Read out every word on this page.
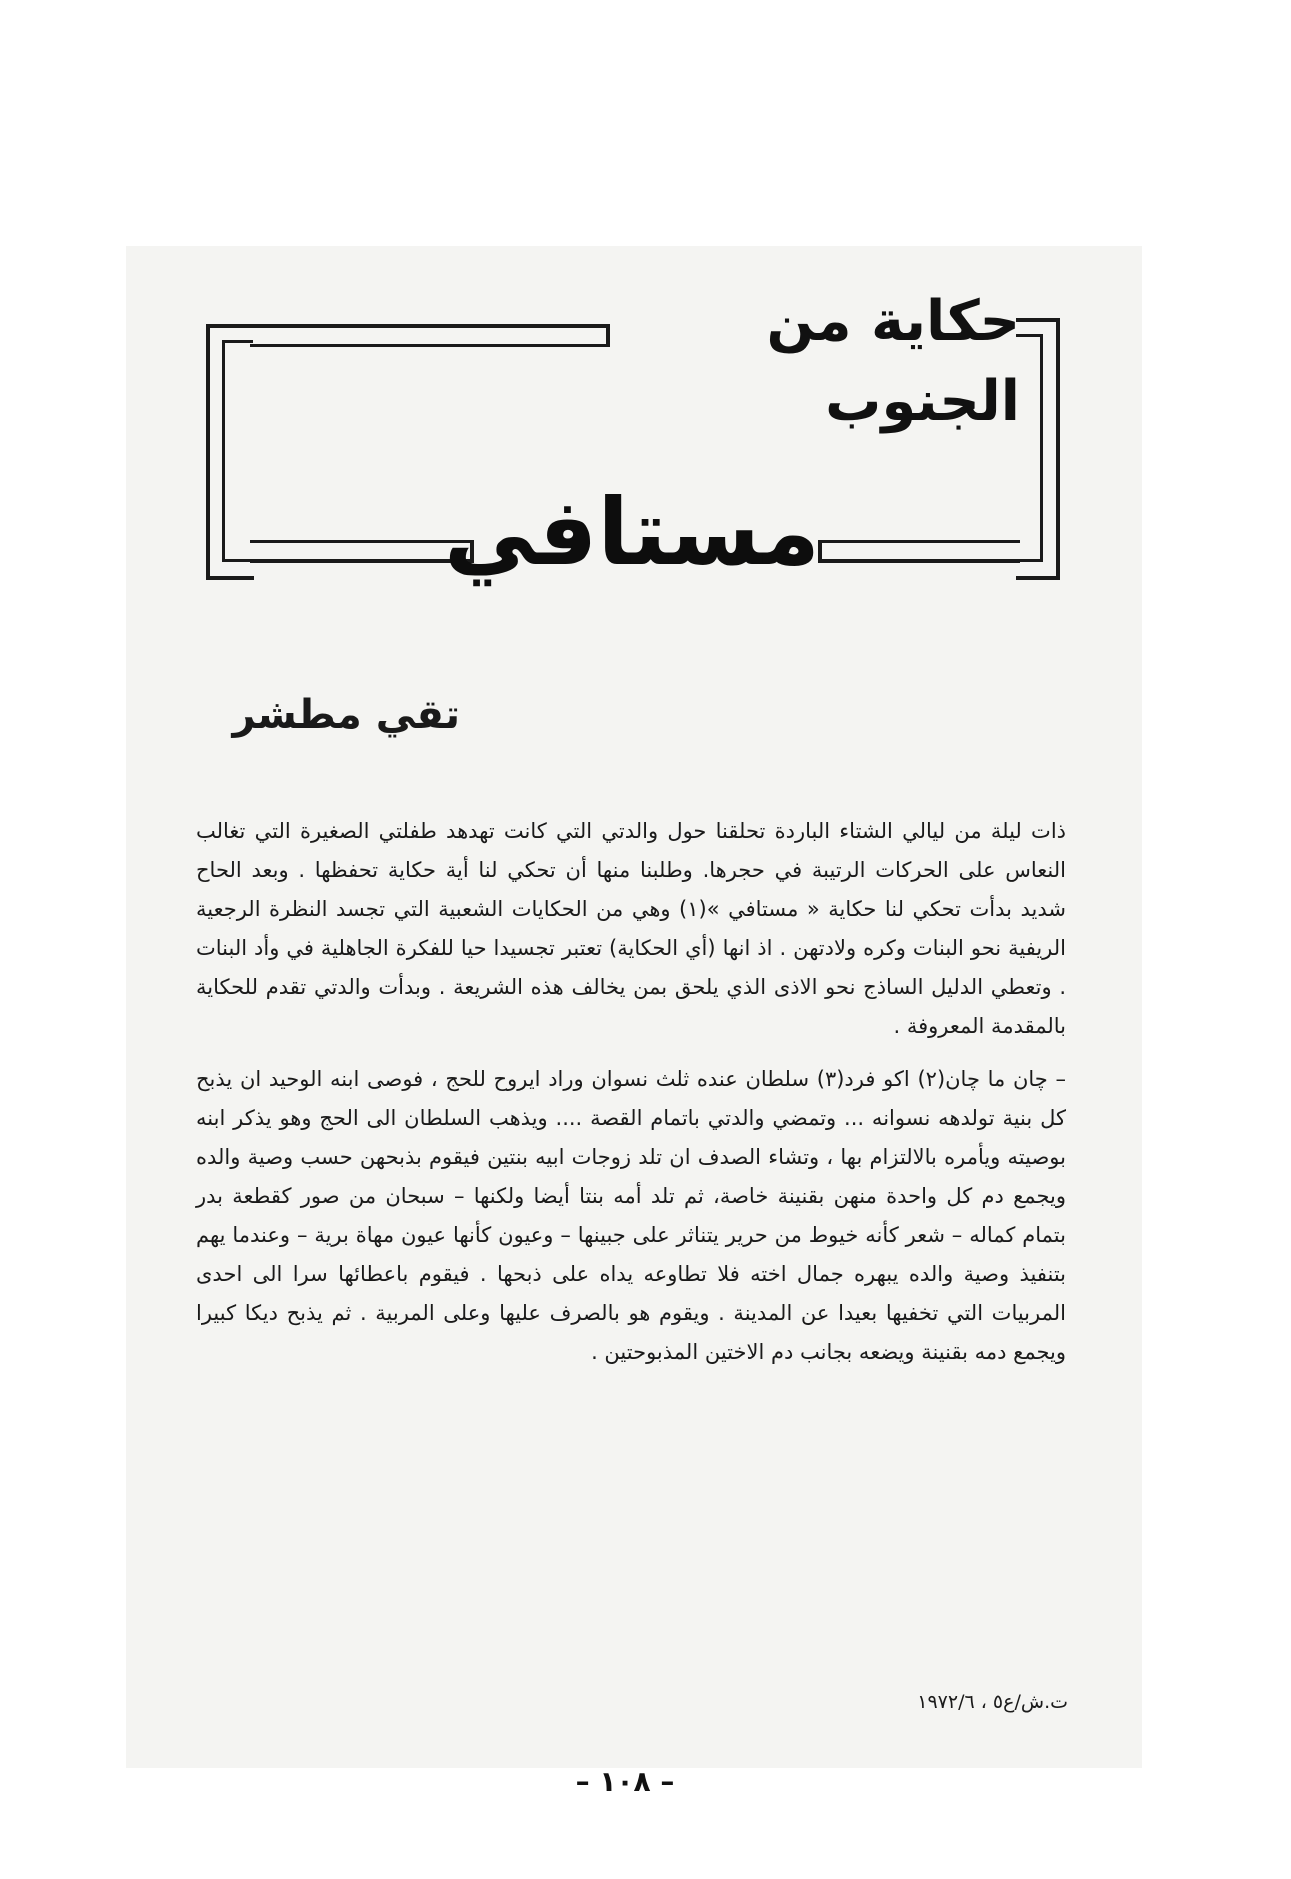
حكاية من الجنوب
مستافي
تقي مطشر

ذات ليلة من ليالي الشتاء الباردة تحلقنا حول والدتي التي كانت تهدهد طفلتي الصغيرة التي تغالب النعاس على الحركات الرتيبة في حجرها. وطلبنا منها أن تحكي لنا أية حكاية تحفظها . وبعد الحاح شديد بدأت تحكي لنا حكاية « مستافي »(١) وهي من الحكايات الشعبية التي تجسد النظرة الرجعية الريفية نحو البنات وكره ولادتهن . اذ انها (أي الحكاية) تعتبر تجسيدا حيا للفكرة الجاهلية في وأد البنات . وتعطي الدليل الساذج نحو الاذى الذي يلحق بمن يخالف هذه الشريعة . وبدأت والدتي تقدم للحكاية بالمقدمة المعروفة .

– چان ما چان(٢) اكو فرد(٣) سلطان عنده ثلث نسوان وراد ايروح للحج ، فوصى ابنه الوحيد ان يذبح كل بنية تولدهه نسوانه ... وتمضي والدتي باتمام القصة .... ويذهب السلطان الى الحج وهو يذكر ابنه بوصيته ويأمره بالالتزام بها ، وتشاء الصدف ان تلد زوجات ابيه بنتين فيقوم بذبحهن حسب وصية والده ويجمع دم كل واحدة منهن بقنينة خاصة، ثم تلد أمه بنتا أيضا ولكنها – سبحان من صور كقطعة بدر بتمام كماله – شعر كأنه خيوط من حرير يتناثر على جبينها – وعيون كأنها عيون مهاة برية – وعندما يهم بتنفيذ وصية والده يبهره جمال اخته فلا تطاوعه يداه على ذبحها . فيقوم باعطائها سرا الى احدى المربيات التي تخفيها بعيدا عن المدينة . ويقوم هو بالصرف عليها وعلى المربية . ثم يذبح ديكا كبيرا ويجمع دمه بقنينة ويضعه بجانب دم الاختين المذبوحتين .

ت.ش/ع٥ ، ١٩٧٢/٦
– ١٠٨ –
